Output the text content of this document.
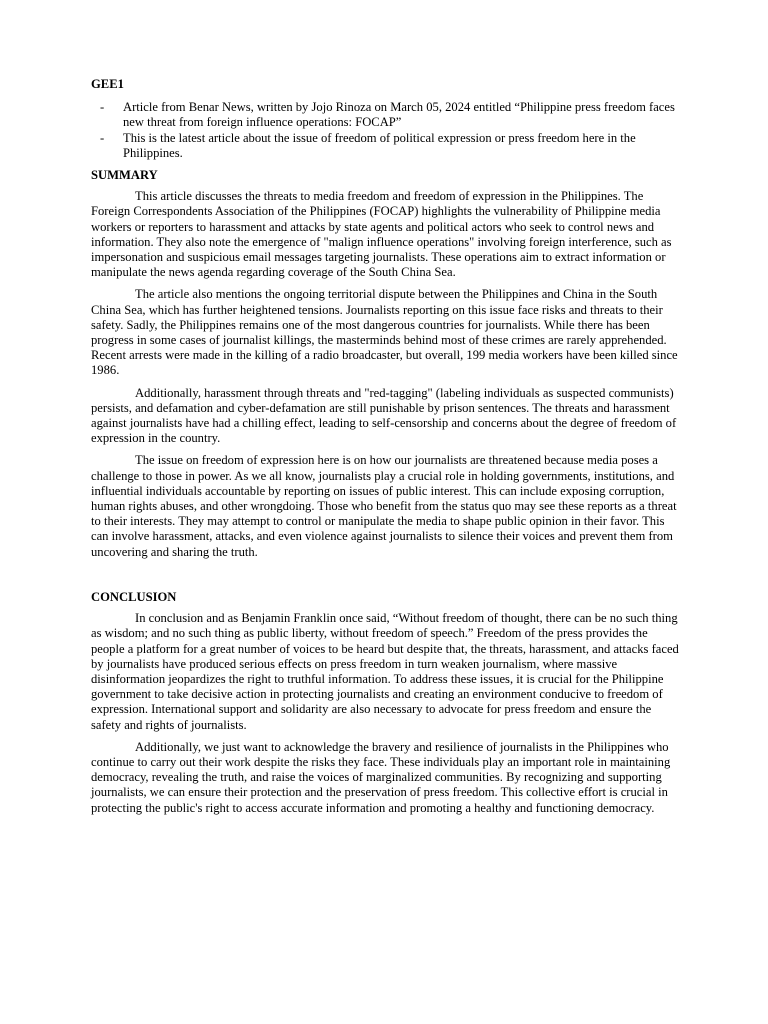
GEE1
- Article from Benar News, written by Jojo Rinoza on March 05, 2024 entitled “Philippine press freedom faces new threat from foreign influence operations: FOCAP”
- This is the latest article about the issue of freedom of political expression or press freedom here in the Philippines.
SUMMARY

This article discusses the threats to media freedom and freedom of expression in the Philippines. The Foreign Correspondents Association of the Philippines (FOCAP) highlights the vulnerability of Philippine media workers or reporters to harassment and attacks by state agents and political actors who seek to control news and information. They also note the emergence of "malign influence operations" involving foreign interference, such as impersonation and suspicious email messages targeting journalists. These operations aim to extract information or manipulate the news agenda regarding coverage of the South China Sea.

The article also mentions the ongoing territorial dispute between the Philippines and China in the South China Sea, which has further heightened tensions. Journalists reporting on this issue face risks and threats to their safety. Sadly, the Philippines remains one of the most dangerous countries for journalists. While there has been progress in some cases of journalist killings, the masterminds behind most of these crimes are rarely apprehended. Recent arrests were made in the killing of a radio broadcaster, but overall, 199 media workers have been killed since 1986.

Additionally, harassment through threats and "red-tagging" (labeling individuals as suspected communists) persists, and defamation and cyber-defamation are still punishable by prison sentences. The threats and harassment against journalists have had a chilling effect, leading to self-censorship and concerns about the degree of freedom of expression in the country.

The issue on freedom of expression here is on how our journalists are threatened because media poses a challenge to those in power. As we all know, journalists play a crucial role in holding governments, institutions, and influential individuals accountable by reporting on issues of public interest. This can include exposing corruption, human rights abuses, and other wrongdoing. Those who benefit from the status quo may see these reports as a threat to their interests. They may attempt to control or manipulate the media to shape public opinion in their favor. This can involve harassment, attacks, and even violence against journalists to silence their voices and prevent them from uncovering and sharing the truth.

CONCLUSION

In conclusion and as Benjamin Franklin once said, “Without freedom of thought, there can be no such thing as wisdom; and no such thing as public liberty, without freedom of speech.” Freedom of the press provides the people a platform for a great number of voices to be heard but despite that, the threats, harassment, and attacks faced by journalists have produced serious effects on press freedom in turn weaken journalism, where massive disinformation jeopardizes the right to truthful information. To address these issues, it is crucial for the Philippine government to take decisive action in protecting journalists and creating an environment conducive to freedom of expression. International support and solidarity are also necessary to advocate for press freedom and ensure the safety and rights of journalists.

Additionally, we just want to acknowledge the bravery and resilience of journalists in the Philippines who continue to carry out their work despite the risks they face. These individuals play an important role in maintaining democracy, revealing the truth, and raise the voices of marginalized communities. By recognizing and supporting journalists, we can ensure their protection and the preservation of press freedom. This collective effort is crucial in protecting the public's right to access accurate information and promoting a healthy and functioning democracy.
